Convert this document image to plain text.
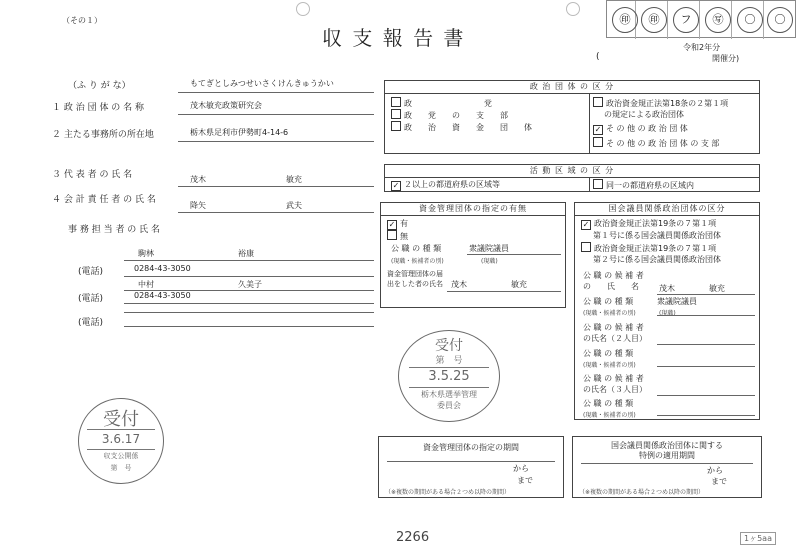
（その１）
収 支 報 告 書
(
令和2年分
開催分)
㊞	㊞	フ	㊢	〇	〇
（ふ り が な）	もてぎとしみつせいさくけんきゅうかい
１ 政 治 団 体 の 名 称	茂木敏充政策研究会
２ 主たる事務所の所在地	栃木県足利市伊勢町4-14-6
３ 代 表 者 の 氏 名	茂木	敏充
４ 会 計 責 任 者 の 氏 名
降矢	武夫
事 務 担 当 者 の 氏 名
駒林	裕康
(電話)	0284-43-3050
中村	久美子
(電話)	0284-43-3050
(電話)
政 治 団 体 の 区 分
政　　　　　　　　　党
政　　党　　の　　支　　部
政　　治　　資　　金　　団　　体
政治資金規正法第18条の２第１項
の規定による政治団体
✓ そ の 他 の 政 治 団 体
そ の 他 の 政 治 団 体 の 支 部
活 動 区 域 の 区 分
✓ ２以上の都道府県の区域等	同一の都道府県の区域内
資金管理団体の指定の有無
✓ 有
無
公 職 の 種 類	衆議院議員
(現職・候補者の別)	(現職)
資金管理団体の届
出をした者の氏名 茂木	敏充
国会議員関係政治団体の区分
✓ 政治資金規正法第19条の７第１項
第１号に係る国会議員関係政治団体
政治資金規正法第19条の７第１項
第２号に係る国会議員関係政治団体
公 職 の 候 補 者
の　　氏　　名	茂木	敏充
公 職 の 種 類	衆議院議員
(現職・候補者の別)	(現職)
公 職 の 候 補 者
の氏名（２人目）
公 職 の 種 類
(現職・候補者の別)
公 職 の 候 補 者
の氏名（３人目）
公 職 の 種 類
(現職・候補者の別)
資金管理団体の指定の期間
から
まで
（※複数の期間がある場合２つめ以降の期間）
国会議員関係政治団体に関する
特例の適用期間
から
まで
（※複数の期間がある場合２つめ以降の期間）
受付
3.6.17
収支公開係
第　号
受付
第　号
3.5.25
栃木県選挙管理
委員会
2266	1ヶ5aa
